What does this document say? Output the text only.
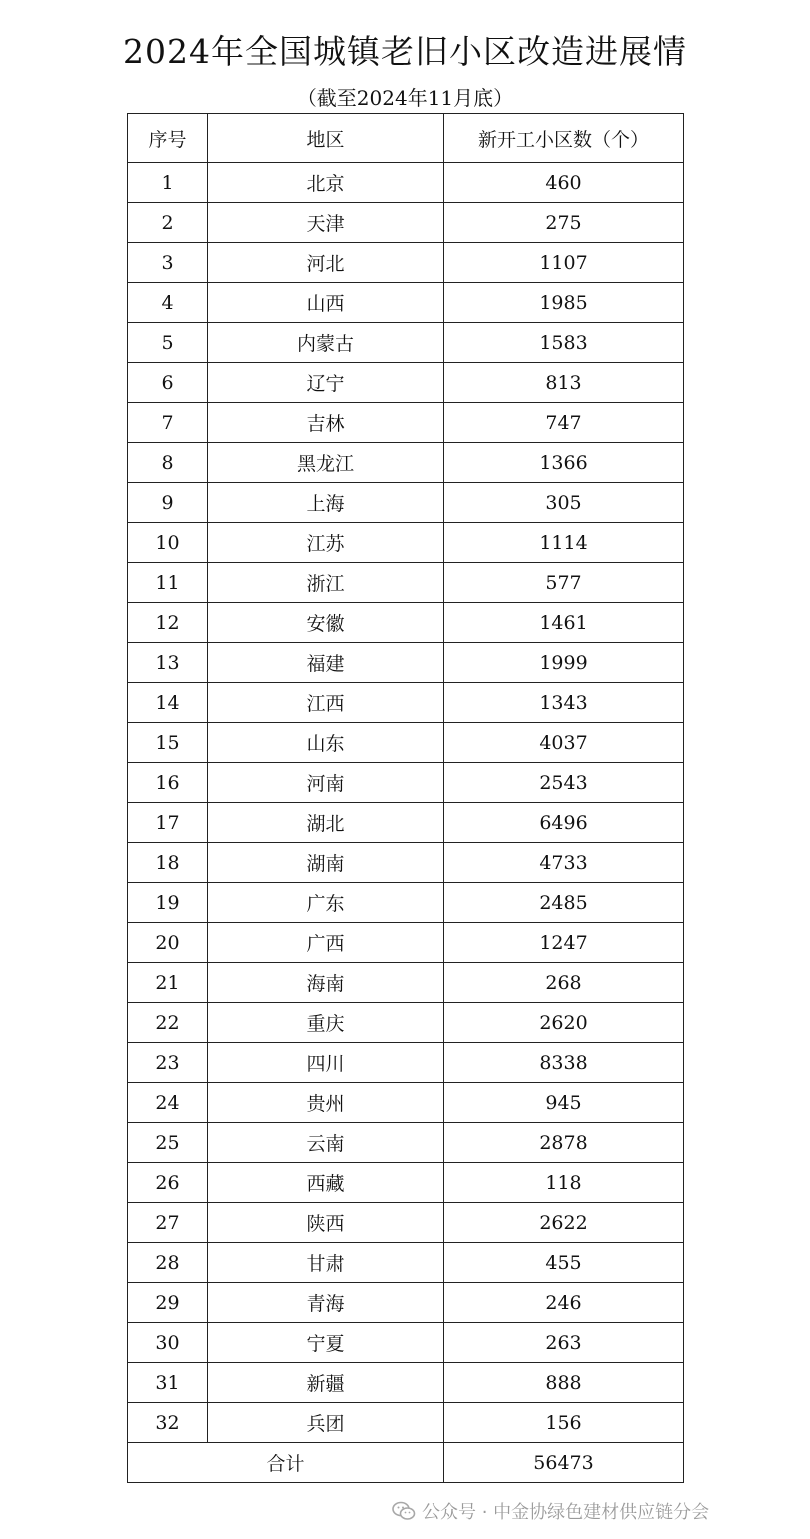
2024年全国城镇老旧小区改造进展情
（截至2024年11月底）
序号	地区	新开工小区数（个）
1	北京	460
2	天津	275
3	河北	1107
4	山西	1985
5	内蒙古	1583
6	辽宁	813
7	吉林	747
8	黑龙江	1366
9	上海	305
10	江苏	1114
11	浙江	577
12	安徽	1461
13	福建	1999
14	江西	1343
15	山东	4037
16	河南	2543
17	湖北	6496
18	湖南	4733
19	广东	2485
20	广西	1247
21	海南	268
22	重庆	2620
23	四川	8338
24	贵州	945
25	云南	2878
26	西藏	118
27	陕西	2622
28	甘肃	455
29	青海	246
30	宁夏	263
31	新疆	888
32	兵团	156
合计		56473
公众号 · 中金协绿色建材供应链分会
